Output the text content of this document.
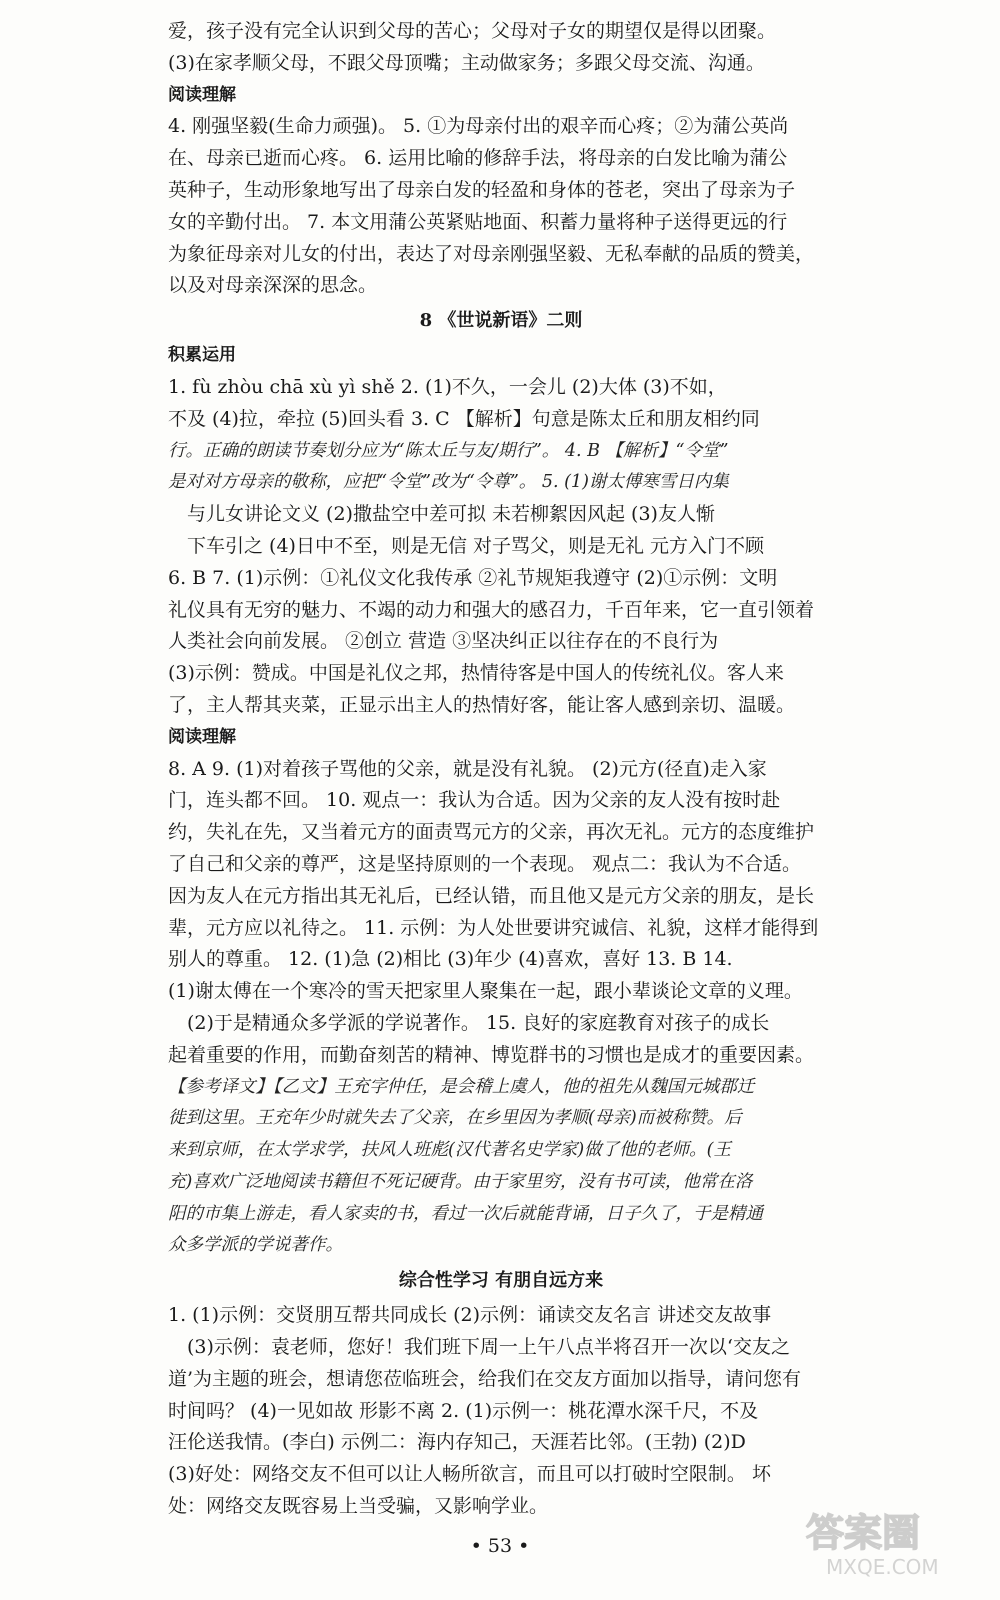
爱，孩子没有完全认识到父母的苦心；父母对子女的期望仅是得以团聚。

(3)在家孝顺父母，不跟父母顶嘴；主动做家务；多跟父母交流、沟通。

阅读理解

4. 刚强坚毅(生命力顽强)。 5. ①为母亲付出的艰辛而心疼；②为蒲公英尚

在、母亲已逝而心疼。 6. 运用比喻的修辞手法，将母亲的白发比喻为蒲公

英种子，生动形象地写出了母亲白发的轻盈和身体的苍老，突出了母亲为子

女的辛勤付出。 7. 本文用蒲公英紧贴地面、积蓄力量将种子送得更远的行

为象征母亲对儿女的付出，表达了对母亲刚强坚毅、无私奉献的品质的赞美，

以及对母亲深深的思念。

8 《世说新语》二则
积累运用

1. fù zhòu chā xù yì shě 2. (1)不久，一会儿 (2)大体 (3)不如，

不及 (4)拉，牵拉 (5)回头看 3. C 【解析】句意是陈太丘和朋友相约同

行。正确的朗读节奏划分应为“陈太丘与友/期行”。 4. B 【解析】“令堂”

是对对方母亲的敬称，应把“令堂”改为“令尊”。 5. (1)谢太傅寒雪日内集

与儿女讲论文义 (2)撒盐空中差可拟 未若柳絮因风起 (3)友人惭

下车引之 (4)日中不至，则是无信 对子骂父，则是无礼 元方入门不顾

6. B 7. (1)示例：①礼仪文化我传承 ②礼节规矩我遵守 (2)①示例：文明

礼仪具有无穷的魅力、不竭的动力和强大的感召力，千百年来，它一直引领着

人类社会向前发展。 ②创立 营造 ③坚决纠正以往存在的不良行为

(3)示例：赞成。中国是礼仪之邦，热情待客是中国人的传统礼仪。客人来

了，主人帮其夹菜，正显示出主人的热情好客，能让客人感到亲切、温暖。

阅读理解

8. A 9. (1)对着孩子骂他的父亲，就是没有礼貌。 (2)元方(径直)走入家

门，连头都不回。 10. 观点一：我认为合适。因为父亲的友人没有按时赴

约，失礼在先，又当着元方的面责骂元方的父亲，再次无礼。元方的态度维护

了自己和父亲的尊严，这是坚持原则的一个表现。 观点二：我认为不合适。

因为友人在元方指出其无礼后，已经认错，而且他又是元方父亲的朋友，是长

辈，元方应以礼待之。 11. 示例：为人处世要讲究诚信、礼貌，这样才能得到

别人的尊重。 12. (1)急 (2)相比 (3)年少 (4)喜欢，喜好 13. B 14.

(1)谢太傅在一个寒冷的雪天把家里人聚集在一起，跟小辈谈论文章的义理。

(2)于是精通众多学派的学说著作。 15. 良好的家庭教育对孩子的成长

起着重要的作用，而勤奋刻苦的精神、博览群书的习惯也是成才的重要因素。

【参考译文】【乙文】王充字仲任，是会稽上虞人，他的祖先从魏国元城郡迁

徙到这里。王充年少时就失去了父亲，在乡里因为孝顺(母亲)而被称赞。后

来到京师，在太学求学，扶风人班彪(汉代著名史学家)做了他的老师。(王

充)喜欢广泛地阅读书籍但不死记硬背。由于家里穷，没有书可读，他常在洛

阳的市集上游走，看人家卖的书，看过一次后就能背诵，日子久了，于是精通

众多学派的学说著作。

综合性学习 有朋自远方来

1. (1)示例：交贤朋互帮共同成长 (2)示例：诵读交友名言 讲述交友故事

(3)示例：袁老师，您好！我们班下周一上午八点半将召开一次以‘交友之

道’为主题的班会，想请您莅临班会，给我们在交友方面加以指导，请问您有

时间吗？ (4)一见如故 形影不离 2. (1)示例一：桃花潭水深千尺，不及

汪伦送我情。(李白) 示例二：海内存知己，天涯若比邻。(王勃) (2)D

(3)好处：网络交友不但可以让人畅所欲言，而且可以打破时空限制。 坏

处：网络交友既容易上当受骗，又影响学业。

• 53 •	答案圈
MXQE.COM
